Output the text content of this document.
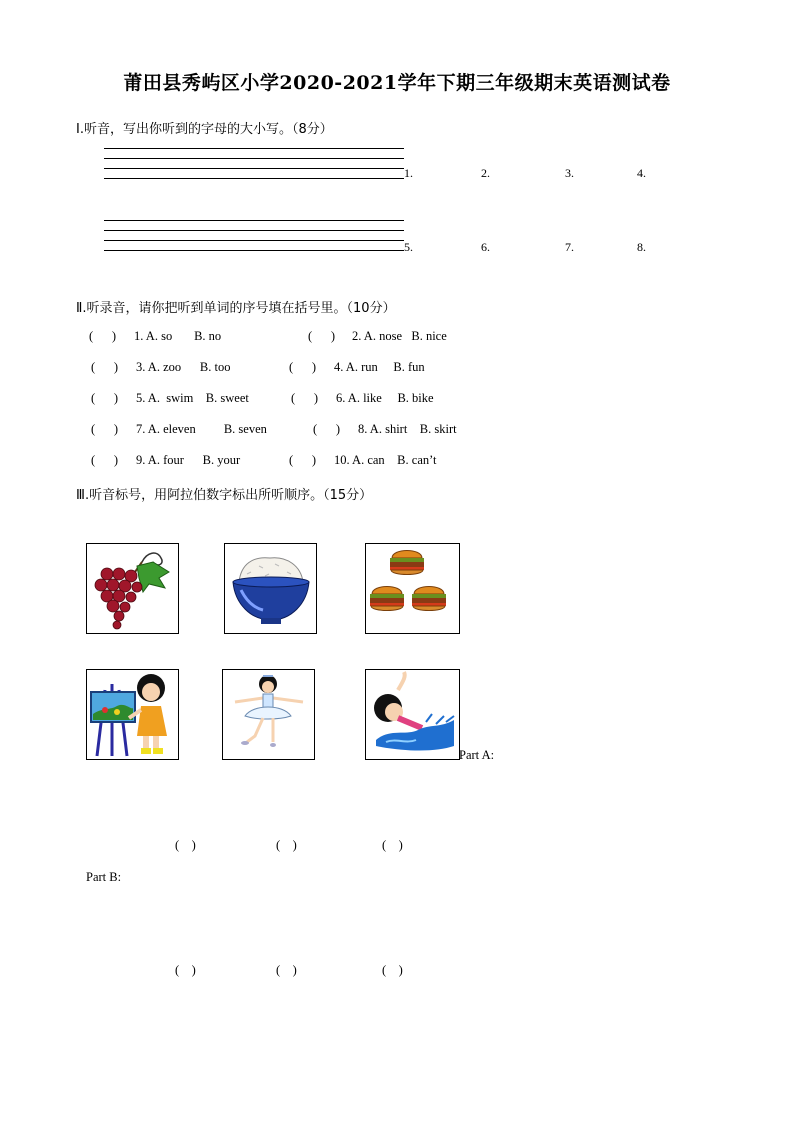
莆田县秀屿区小学2020-2021学年下期三年级期末英语测试卷
Ⅰ.听音，写出你听到的字母的大小写。（8分）
1.	2.	3.	4.
5.	6.	7.	8.
Ⅱ.听录音，请你把听到单词的序号填在括号里。（10分）
(      ) 1. A. so       B. no	(      ) 2. A. nose   B. nice
(      ) 3. A. zoo      B. too	(      ) 4. A. run     B. fun
(      ) 5. A.  swim    B. sweet	(      ) 6. A. like     B. bike
(      ) 7. A. eleven         B. seven	(      ) 8. A. shirt    B. skirt
(      ) 9. A. four      B. your	(      ) 10. A. can    B. can’t
Ⅲ.听音标号，用阿拉伯数字标出所听顺序。（15分）
Part A:
(    )	(    )	(    )
Part B:
(    )	(    )	(    )
